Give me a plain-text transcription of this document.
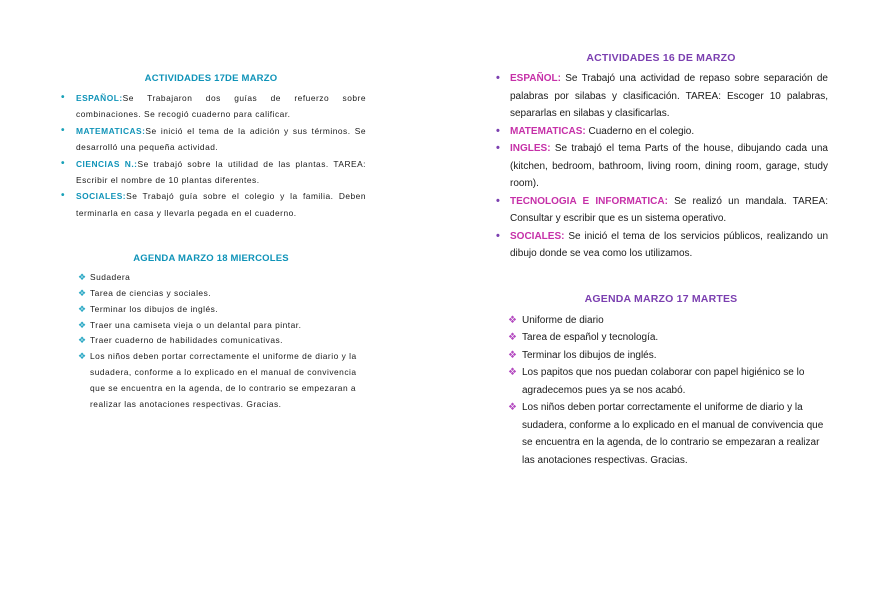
ACTIVIDADES 17DE MARZO
• ESPAÑOL:Se Trabajaron dos guías de refuerzo sobre combinaciones. Se recogió cuaderno para calificar.
• MATEMATICAS:Se inició el tema de la adición y sus términos. Se desarrolló una pequeña actividad.
• CIENCIAS N.:Se trabajó sobre la utilidad de las plantas. TAREA: Escribir el nombre de 10 plantas diferentes.
• SOCIALES:Se Trabajó guía sobre el colegio y la familia. Deben terminarla en casa y llevarla pegada en el cuaderno.
AGENDA MARZO 18 MIERCOLES
❖ Sudadera
❖ Tarea de ciencias y sociales.
❖ Terminar los dibujos de inglés.
❖ Traer una camiseta vieja o un delantal para pintar.
❖ Traer cuaderno de habilidades comunicativas.
❖ Los niños deben portar correctamente el uniforme de diario y la sudadera, conforme a lo explicado en el manual de convivencia que se encuentra en la agenda, de lo contrario se empezaran a realizar las anotaciones respectivas. Gracias.
ACTIVIDADES 16 DE MARZO
• ESPAÑOL: Se Trabajó una actividad de repaso sobre separación de palabras por silabas y clasificación. TAREA: Escoger 10 palabras, separarlas en silabas y clasificarlas.
• MATEMATICAS: Cuaderno en el colegio.
• INGLES: Se trabajó el tema Parts of the house, dibujando cada una (kitchen, bedroom, bathroom, living room, dining room, garage, study room).
• TECNOLOGIA E INFORMATICA: Se realizó un mandala. TAREA: Consultar y escribir que es un sistema operativo.
• SOCIALES: Se inició el tema de los servicios públicos, realizando un dibujo donde se vea como los utilizamos.
AGENDA MARZO 17 MARTES
❖ Uniforme de diario
❖ Tarea de español y tecnología.
❖ Terminar los dibujos de inglés.
❖ Los papitos que nos puedan colaborar con papel higiénico se lo agradecemos pues ya se nos acabó.
❖ Los niños deben portar correctamente el uniforme de diario y la sudadera, conforme a lo explicado en el manual de convivencia que se encuentra en la agenda, de lo contrario se empezaran a realizar las anotaciones respectivas. Gracias.
